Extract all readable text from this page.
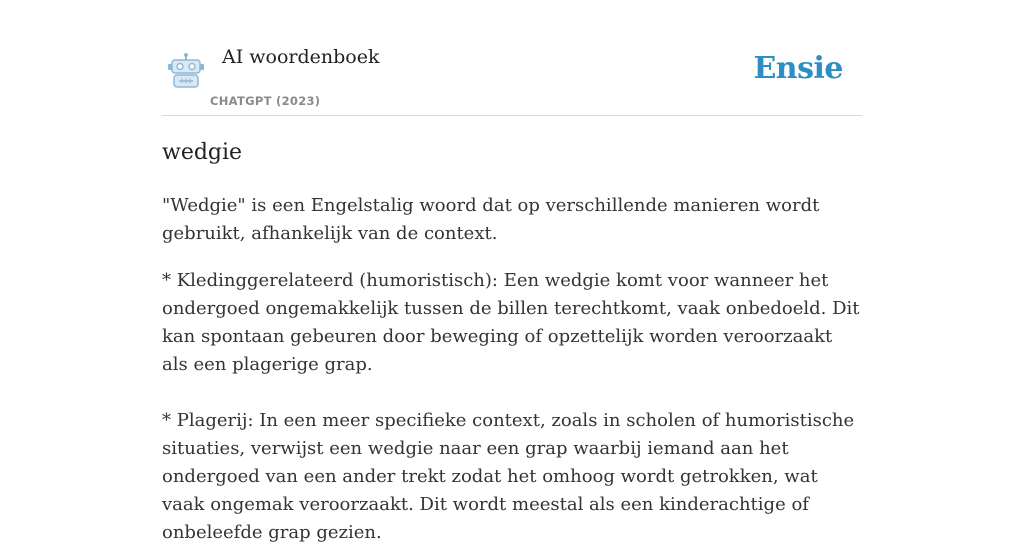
AI woordenboek
CHATGPT (2023)
Ensie
wedgie

"Wedgie" is een Engelstalig woord dat op verschillende manieren wordt gebruikt, afhankelijk van de context.

* Kledinggerelateerd (humoristisch): Een wedgie komt voor wanneer het ondergoed ongemakkelijk tussen de billen terechtkomt, vaak onbedoeld. Dit kan spontaan gebeuren door beweging of opzettelijk worden veroorzaakt als een plagerige grap.

* Plagerij: In een meer specifieke context, zoals in scholen of humoristische situaties, verwijst een wedgie naar een grap waarbij iemand aan het ondergoed van een ander trekt zodat het omhoog wordt getrokken, wat vaak ongemak veroorzaakt. Dit wordt meestal als een kinderachtige of onbeleefde grap gezien.
